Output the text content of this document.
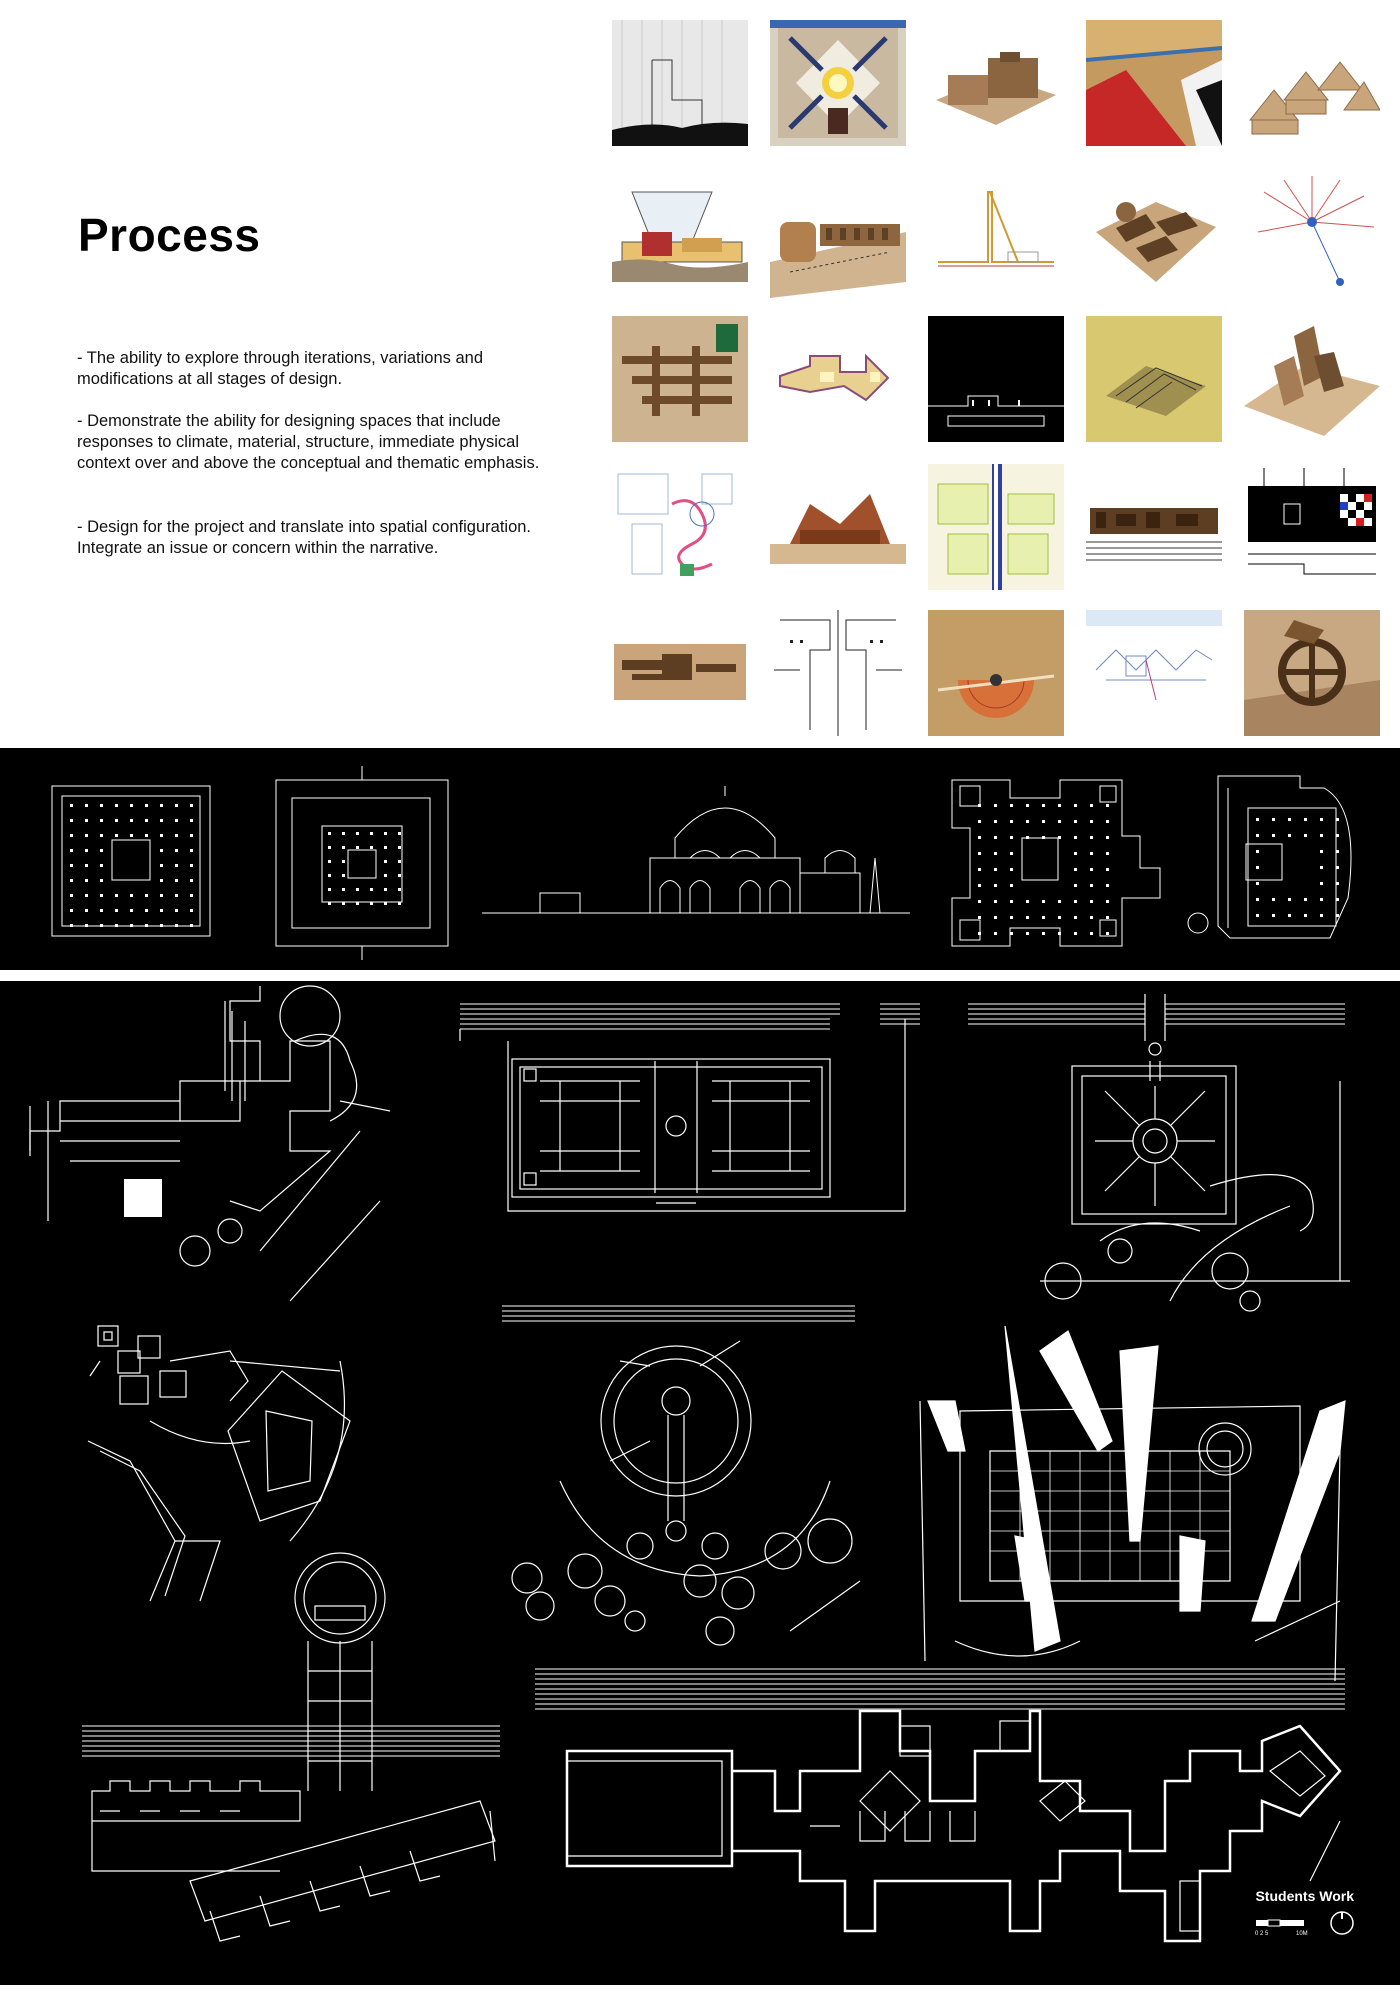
Process
- The ability to explore through iterations, variations and modifications at all stages of design.
- Demonstrate the ability for designing spaces that include responses to climate, material, structure, immediate physical context over and above the conceptual and thematic emphasis.
- Design for the project and translate into spatial configuration. Integrate an issue or concern within the narrative.
Students Work
0 2 5	10M
